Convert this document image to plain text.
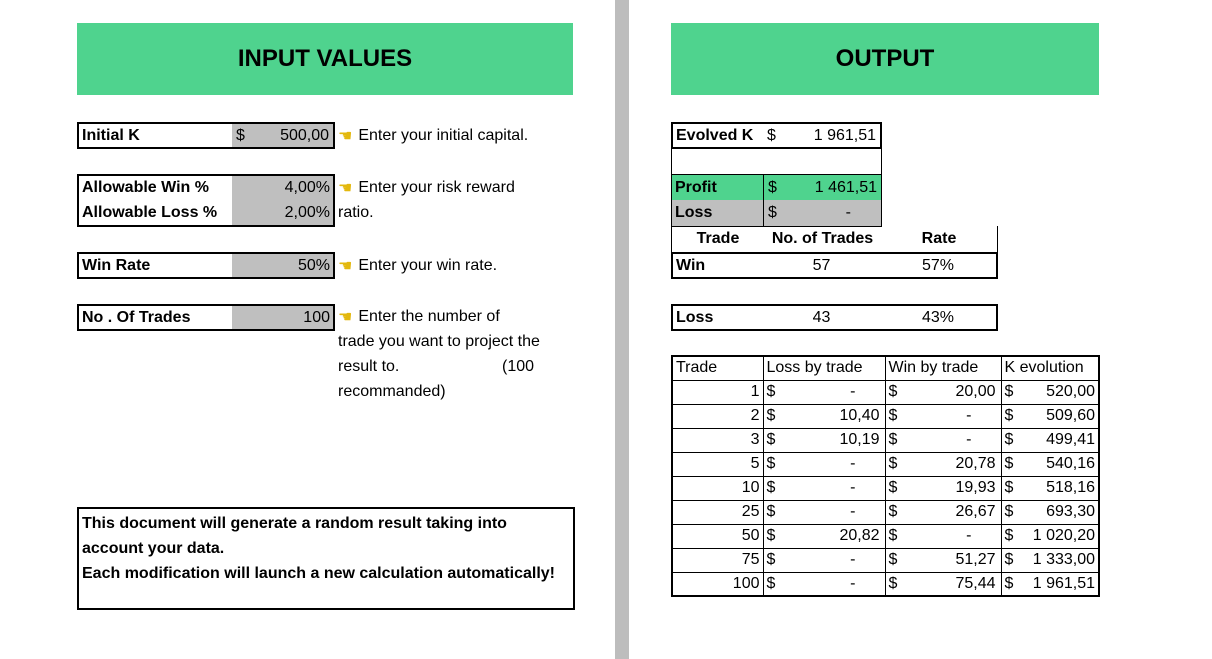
INPUT VALUES	OUTPUT
Initial K	$ 500,00 ☛ Enter your initial capital.
Allowable Win %	4,00%
Allowable Loss %	2,00%
☛ Enter your risk reward
ratio.
Win Rate	50% ☛ Enter your win rate.
No . Of Trades	100 ☛ Enter the number of
trade you want to project the
result to.	(100
recommanded)
This document will generate a random result taking into
account your data.
Each modification will launch a new calculation automatically!
Evolved K $ 1 961,51
Profit	$ 1 461,51
Loss	$	-
Trade	No. of Trades	Rate
Win	57	57%
Loss	43	43%
Trade	Loss by trade	Win by trade	K evolution
1	$ -	$ 20,00	$ 520,00

2	$ 10,40	$ -	$ 509,60

3	$ 10,19	$ -	$ 499,41

5	$ -	$ 20,78	$ 540,16

10	$ -	$ 19,93	$ 518,16

25	$ -	$ 26,67	$ 693,30

50	$ 20,82	$ -	$ 1 020,20

75	$ -	$ 51,27	$ 1 333,00

100	$ -	$ 75,44	$ 1 961,51
